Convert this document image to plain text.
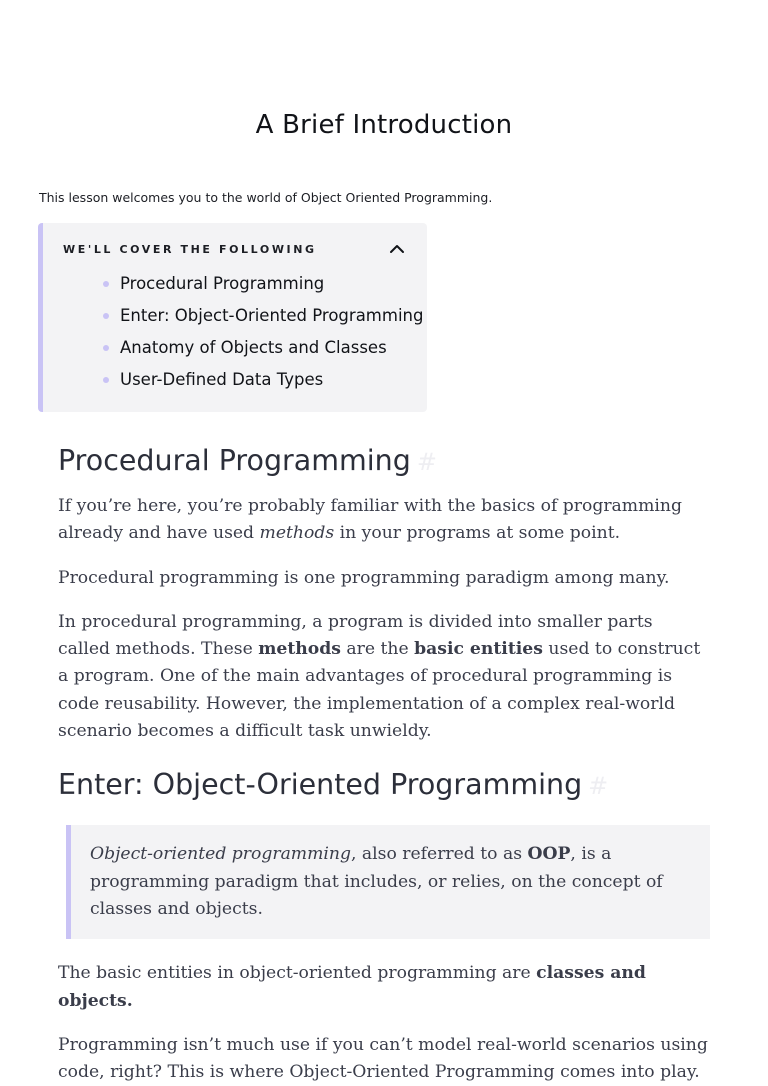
A Brief Introduction

This lesson welcomes you to the world of Object Oriented Programming.

WE'LL COVER THE FOLLOWING
Procedural Programming
Enter: Object-Oriented Programming
Anatomy of Objects and Classes
User-Defined Data Types
Procedural Programming #

If you’re here, you’re probably familiar with the basics of programming already and have used methods in your programs at some point.

Procedural programming is one programming paradigm among many.

In procedural programming, a program is divided into smaller parts called methods. These methods are the basic entities used to construct a program. One of the main advantages of procedural programming is code reusability. However, the implementation of a complex real-world scenario becomes a difficult task unwieldy.

Enter: Object-Oriented Programming #

Object-oriented programming, also referred to as OOP, is a programming paradigm that includes, or relies, on the concept of classes and objects.

The basic entities in object-oriented programming are classes and objects.

Programming isn’t much use if you can’t model real-world scenarios using code, right? This is where Object-Oriented Programming comes into play.
